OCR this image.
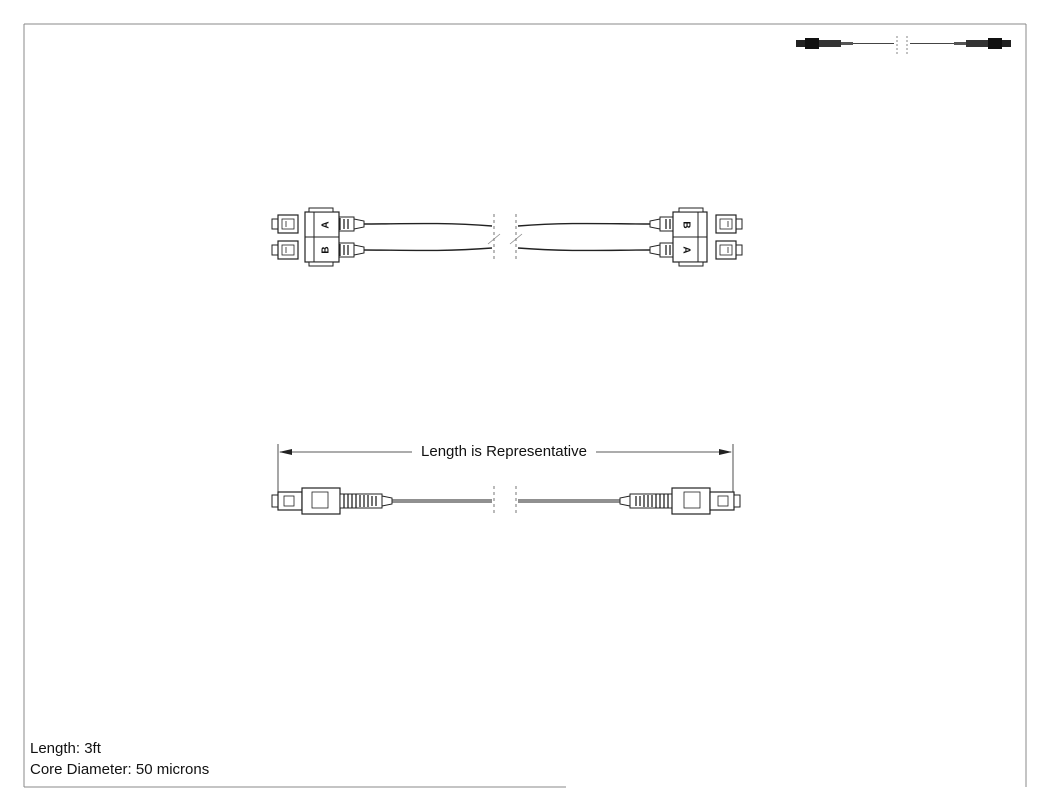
A
B
B
A
Length is Representative
Length: 3ft
Core Diameter: 50 microns
